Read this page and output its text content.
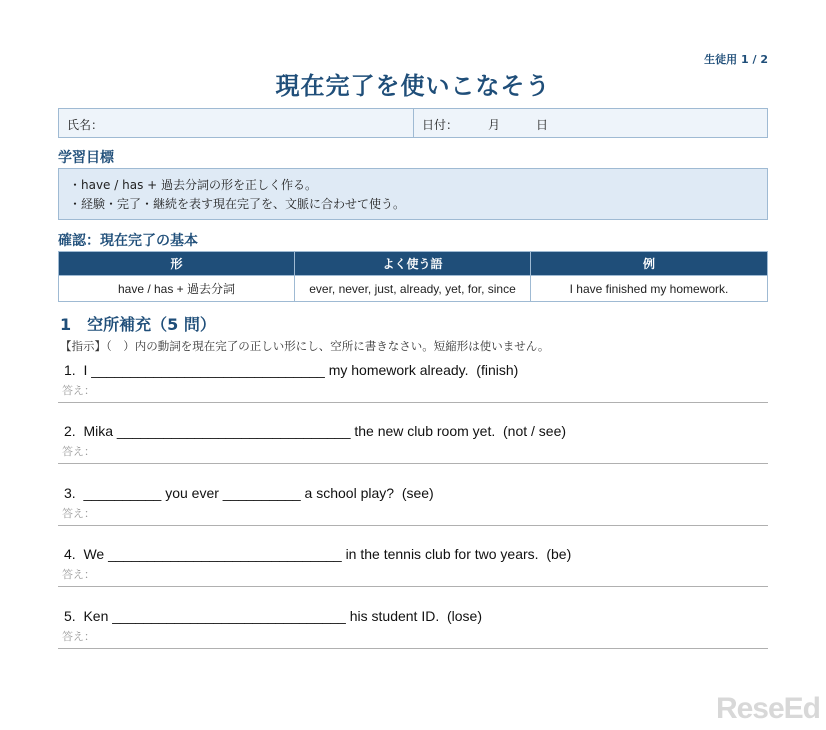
生徒用 1 / 2
現在完了を使いこなそう
氏名：	日付：　　　月　　　日
学習目標
・have / has + 過去分詞の形を正しく作る。
・経験・完了・継続を表す現在完了を、文脈に合わせて使う。
確認：現在完了の基本
形	よく使う語	例
have / has + 過去分詞	ever, never, just, already, yet, for, since	I have finished my homework.
1　空所補充（5 問）
【指示】（　）内の動詞を現在完了の正しい形にし、空所に書きなさい。短縮形は使いません。
1.  I ______________________________ my homework already.  (finish)
答え：
2.  Mika ______________________________ the new club room yet.  (not / see)
答え：
3.  __________ you ever __________ a school play?  (see)
答え：
4.  We ______________________________ in the tennis club for two years.  (be)
答え：
5.  Ken ______________________________ his student ID.  (lose)
答え：
ReseEd
